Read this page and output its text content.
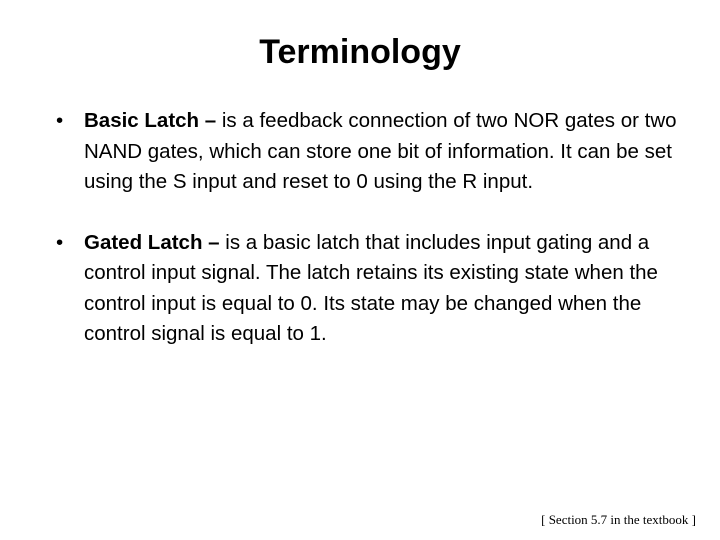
Terminology
•	Basic Latch – is a feedback connection of two NOR gates or two NAND gates, which can store one bit of information. It can be set using the S input and reset to 0 using the R input.
•	Gated Latch – is a basic latch that includes input gating and a control input signal. The latch retains its existing state when the control input is equal to 0. Its state may be changed when the control signal is equal to 1.
[ Section 5.7 in the textbook ]
